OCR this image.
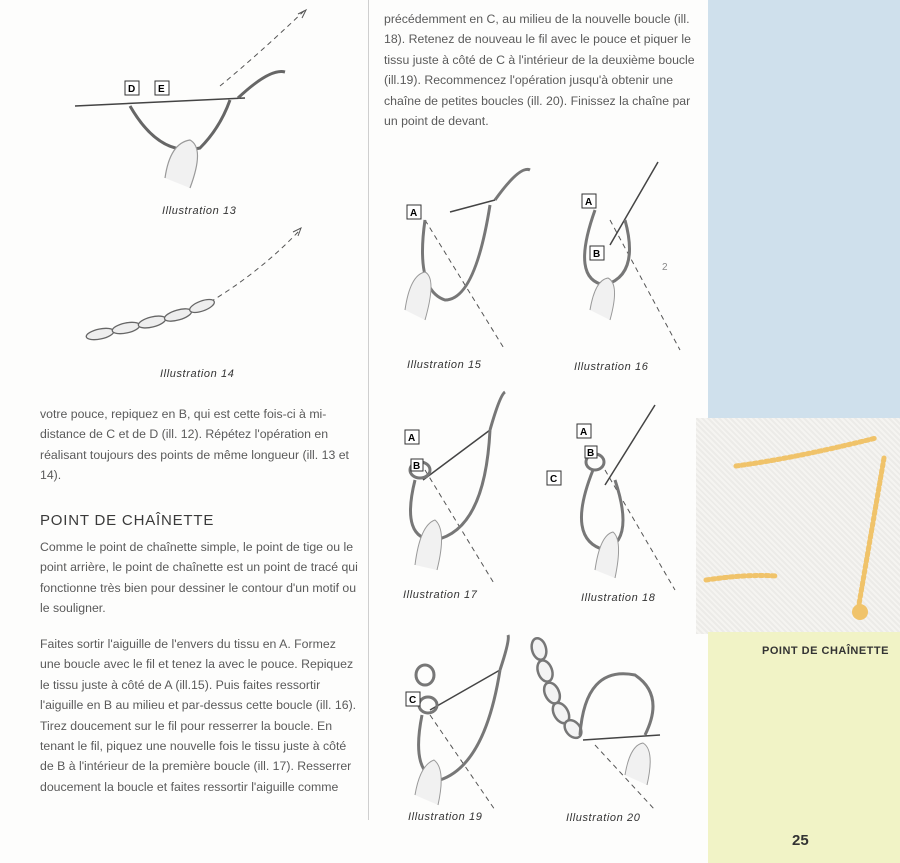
D E
Illustration 13
Illustration 14

votre pouce, repiquez en B, qui est cette fois-ci à mi-distance de C et de D (ill. 12). Répétez l'opération en réalisant toujours des points de même longueur (ill. 13 et 14).

POINT DE CHAÎNETTE

Comme le point de chaînette simple, le point de tige ou le point arrière, le point de chaînette est un point de tracé qui fonctionne très bien pour dessiner le contour d'un motif ou le souligner.

Faites sortir l'aiguille de l'envers du tissu en A. Formez une boucle avec le fil et tenez la avec le pouce. Repiquez le tissu juste à côté de A (ill.15). Puis faites ressortir l'aiguille en B au milieu et par-dessus cette boucle (ill. 16). Tirez doucement sur le fil pour resserrer la boucle. En tenant le fil, piquez une nouvelle fois le tissu juste à côté de B à l'intérieur de la première boucle (ill. 17). Resserrer doucement la boucle et faites ressortir l'aiguille comme

précédemment en C, au milieu de la nouvelle boucle (ill. 18). Retenez de nouveau le fil avec le pouce et piquer le tissu juste à côté de C à l'intérieur de la deuxième boucle (ill.19). Recommencez l'opération jusqu'à obtenir une chaîne de petites boucles (ill. 20). Finissez la chaîne par un point de devant.

A
Illustration 15
A
B
2
Illustration 16
A
B
Illustration 17
A
B
C
Illustration 18
C
Illustration 19	Illustration 20
POINT DE CHAÎNETTE
25
